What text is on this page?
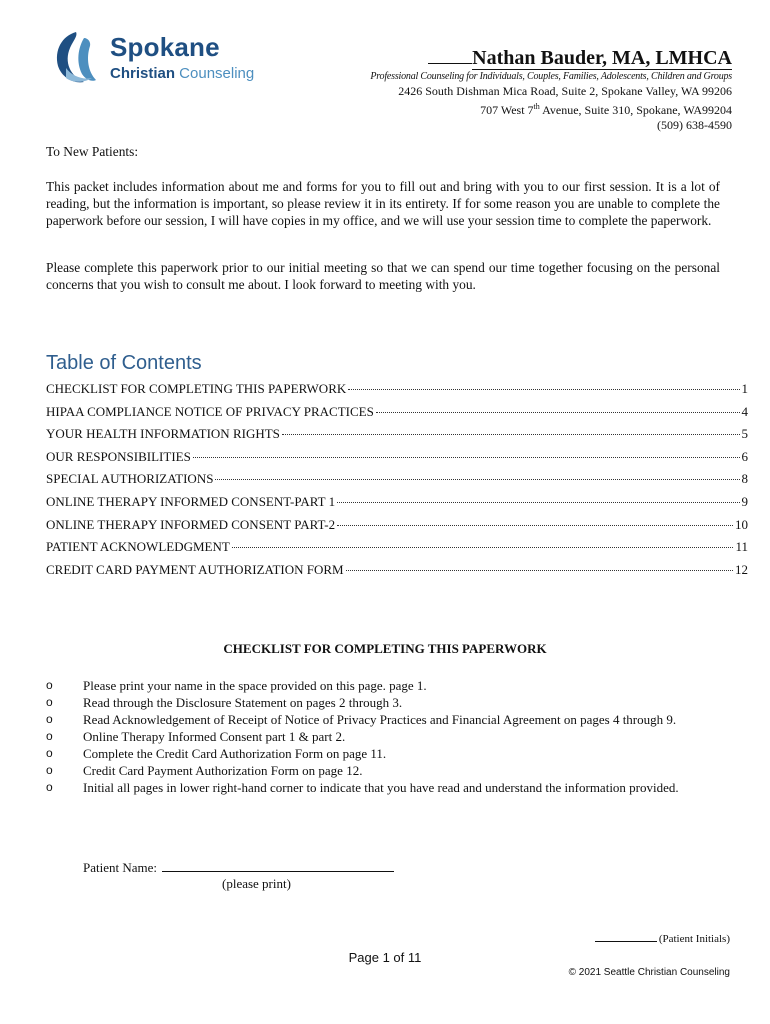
Spokane
Christian Counseling
Nathan Bauder, MA, LMHCA
Professional Counseling for Individuals, Couples, Families, Adolescents, Children and Groups
2426 South Dishman Mica Road, Suite 2, Spokane Valley, WA 99206
707 West 7th Avenue, Suite 310, Spokane, WA99204
(509) 638-4590
To New Patients:
This packet includes information about me and forms for you to fill out and bring with you to our first session. It is a lot of reading, but the information is important, so please review it in its entirety. If for some reason you are unable to complete the paperwork before our session, I will have copies in my office, and we will use your session time to complete the paperwork.
Please complete this paperwork prior to our initial meeting so that we can spend our time together focusing on the personal concerns that you wish to consult me about. I look forward to meeting with you.
Table of Contents
CHECKLIST FOR COMPLETING THIS PAPERWORK	1
HIPAA COMPLIANCE NOTICE OF PRIVACY PRACTICES	4
YOUR HEALTH INFORMATION RIGHTS	5
OUR RESPONSIBILITIES	6
SPECIAL AUTHORIZATIONS	8
ONLINE THERAPY INFORMED CONSENT-PART 1	9
ONLINE THERAPY INFORMED CONSENT PART-2	10
PATIENT ACKNOWLEDGMENT	11
CREDIT CARD PAYMENT AUTHORIZATION FORM	12
CHECKLIST FOR COMPLETING THIS PAPERWORK
o	Please print your name in the space provided on this page. page 1.
o	Read through the Disclosure Statement on pages 2 through 3.
o	Read Acknowledgement of Receipt of Notice of Privacy Practices and Financial Agreement on pages 4 through 9.
o	Online Therapy Informed Consent part 1 & part 2.
o	Complete the Credit Card Authorization Form on page 11.
o	Credit Card Payment Authorization Form on page 12.
o	Initial all pages in lower right-hand corner to indicate that you have read and understand the information provided.
Patient Name:
(please print)
(Patient Initials)
Page 1 of 11
© 2021 Seattle Christian Counseling
